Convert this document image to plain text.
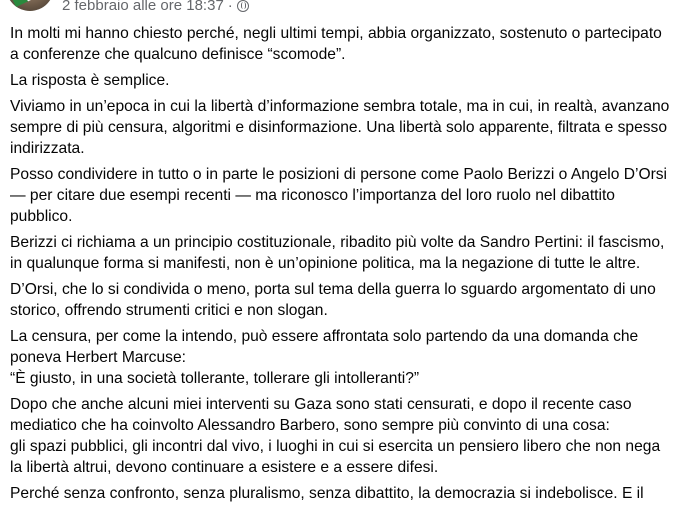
2 febbraio alle ore 18:37 ·

In molti mi hanno chiesto perché, negli ultimi tempi, abbia organizzato, sostenuto o partecipato
a conferenze che qualcuno definisce “scomode”.

La risposta è semplice.

Viviamo in un’epoca in cui la libertà d’informazione sembra totale, ma in cui, in realtà, avanzano
sempre di più censura, algoritmi e disinformazione. Una libertà solo apparente, filtrata e spesso
indirizzata.

Posso condividere in tutto o in parte le posizioni di persone come Paolo Berizzi o Angelo D’Orsi
— per citare due esempi recenti — ma riconosco l’importanza del loro ruolo nel dibattito
pubblico.

Berizzi ci richiama a un principio costituzionale, ribadito più volte da Sandro Pertini: il fascismo,
in qualunque forma si manifesti, non è un’opinione politica, ma la negazione di tutte le altre.

D’Orsi, che lo si condivida o meno, porta sul tema della guerra lo sguardo argomentato di uno
storico, offrendo strumenti critici e non slogan.

La censura, per come la intendo, può essere affrontata solo partendo da una domanda che
poneva Herbert Marcuse:
“È giusto, in una società tollerante, tollerare gli intolleranti?”

Dopo che anche alcuni miei interventi su Gaza sono stati censurati, e dopo il recente caso
mediatico che ha coinvolto Alessandro Barbero, sono sempre più convinto di una cosa:
gli spazi pubblici, gli incontri dal vivo, i luoghi in cui si esercita un pensiero libero che non nega
la libertà altrui, devono continuare a esistere e a essere difesi.

Perché senza confronto, senza pluralismo, senza dibattito, la democrazia si indebolisce. E il
